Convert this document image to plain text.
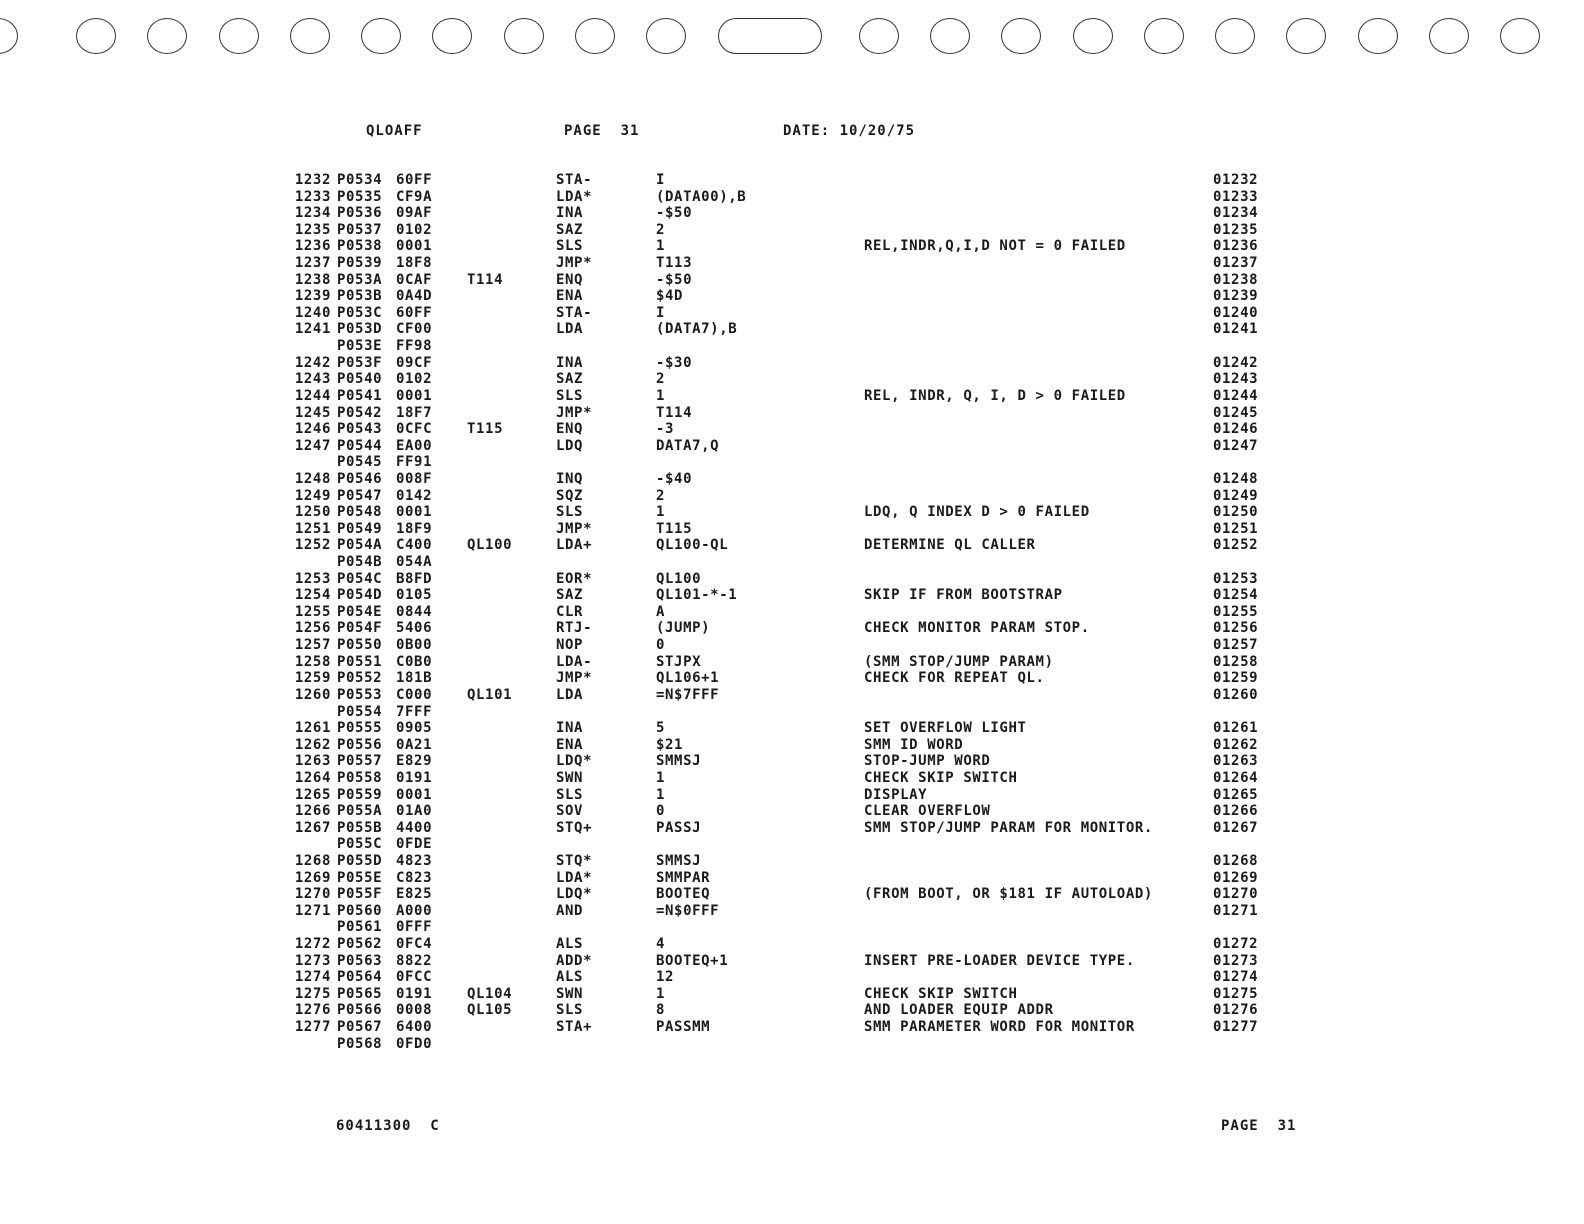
QLOAFF	PAGE  31	DATE: 10/20/75
1232 P0534 60FF	STA-	I	01232
1233 P0535 CF9A	LDA*	(DATA00),B	01233
1234 P0536 09AF	INA	-$50	01234
1235 P0537 0102	SAZ	2	01235
1236 P0538 0001	SLS	1	REL,INDR,Q,I,D NOT = 0 FAILED	01236
1237 P0539 18F8	JMP*	T113	01237
1238 P053A 0CAF T114	ENQ	-$50	01238
1239 P053B 0A4D	ENA	$4D	01239
1240 P053C 60FF	STA-	I	01240
1241 P053D CF00	LDA	(DATA7),B	01241
P053E FF98
1242 P053F 09CF	INA	-$30	01242
1243 P0540 0102	SAZ	2	01243
1244 P0541 0001	SLS	1	REL, INDR, Q, I, D > 0 FAILED	01244
1245 P0542 18F7	JMP*	T114	01245
1246 P0543 0CFC T115	ENQ	-3	01246
1247 P0544 EA00	LDQ	DATA7,Q	01247
P0545 FF91
1248 P0546 008F	INQ	-$40	01248
1249 P0547 0142	SQZ	2	01249
1250 P0548 0001	SLS	1	LDQ, Q INDEX D > 0 FAILED	01250
1251 P0549 18F9	JMP*	T115	01251
1252 P054A C400 QL100	LDA+	QL100-QL	DETERMINE QL CALLER	01252
P054B 054A
1253 P054C B8FD	EOR*	QL100	01253
1254 P054D 0105	SAZ	QL101-*-1	SKIP IF FROM BOOTSTRAP	01254
1255 P054E 0844	CLR	A	01255
1256 P054F 5406	RTJ-	(JUMP)	CHECK MONITOR PARAM STOP.	01256
1257 P0550 0B00	NOP	0	01257
1258 P0551 C0B0	LDA-	STJPX	(SMM STOP/JUMP PARAM)	01258
1259 P0552 181B	JMP*	QL106+1	CHECK FOR REPEAT QL.	01259
1260 P0553 C000 QL101	LDA	=N$7FFF	01260
P0554 7FFF
1261 P0555 0905	INA	5	SET OVERFLOW LIGHT	01261
1262 P0556 0A21	ENA	$21	SMM ID WORD	01262
1263 P0557 E829	LDQ*	SMMSJ	STOP-JUMP WORD	01263
1264 P0558 0191	SWN	1	CHECK SKIP SWITCH	01264
1265 P0559 0001	SLS	1	DISPLAY	01265
1266 P055A 01A0	SOV	0	CLEAR OVERFLOW	01266
1267 P055B 4400	STQ+	PASSJ	SMM STOP/JUMP PARAM FOR MONITOR.	01267
P055C 0FDE
1268 P055D 4823	STQ*	SMMSJ	01268
1269 P055E C823	LDA*	SMMPAR	01269
1270 P055F E825	LDQ*	BOOTEQ	(FROM BOOT, OR $181 IF AUTOLOAD)	01270
1271 P0560 A000	AND	=N$0FFF	01271
P0561 0FFF
1272 P0562 0FC4	ALS	4	01272
1273 P0563 8822	ADD*	BOOTEQ+1	INSERT PRE-LOADER DEVICE TYPE.	01273
1274 P0564 0FCC	ALS	12	01274
1275 P0565 0191 QL104	SWN	1	CHECK SKIP SWITCH	01275
1276 P0566 0008 QL105	SLS	8	AND LOADER EQUIP ADDR	01276
1277 P0567 6400	STA+	PASSMM	SMM PARAMETER WORD FOR MONITOR	01277
P0568 0FD0
60411300  C	PAGE  31
